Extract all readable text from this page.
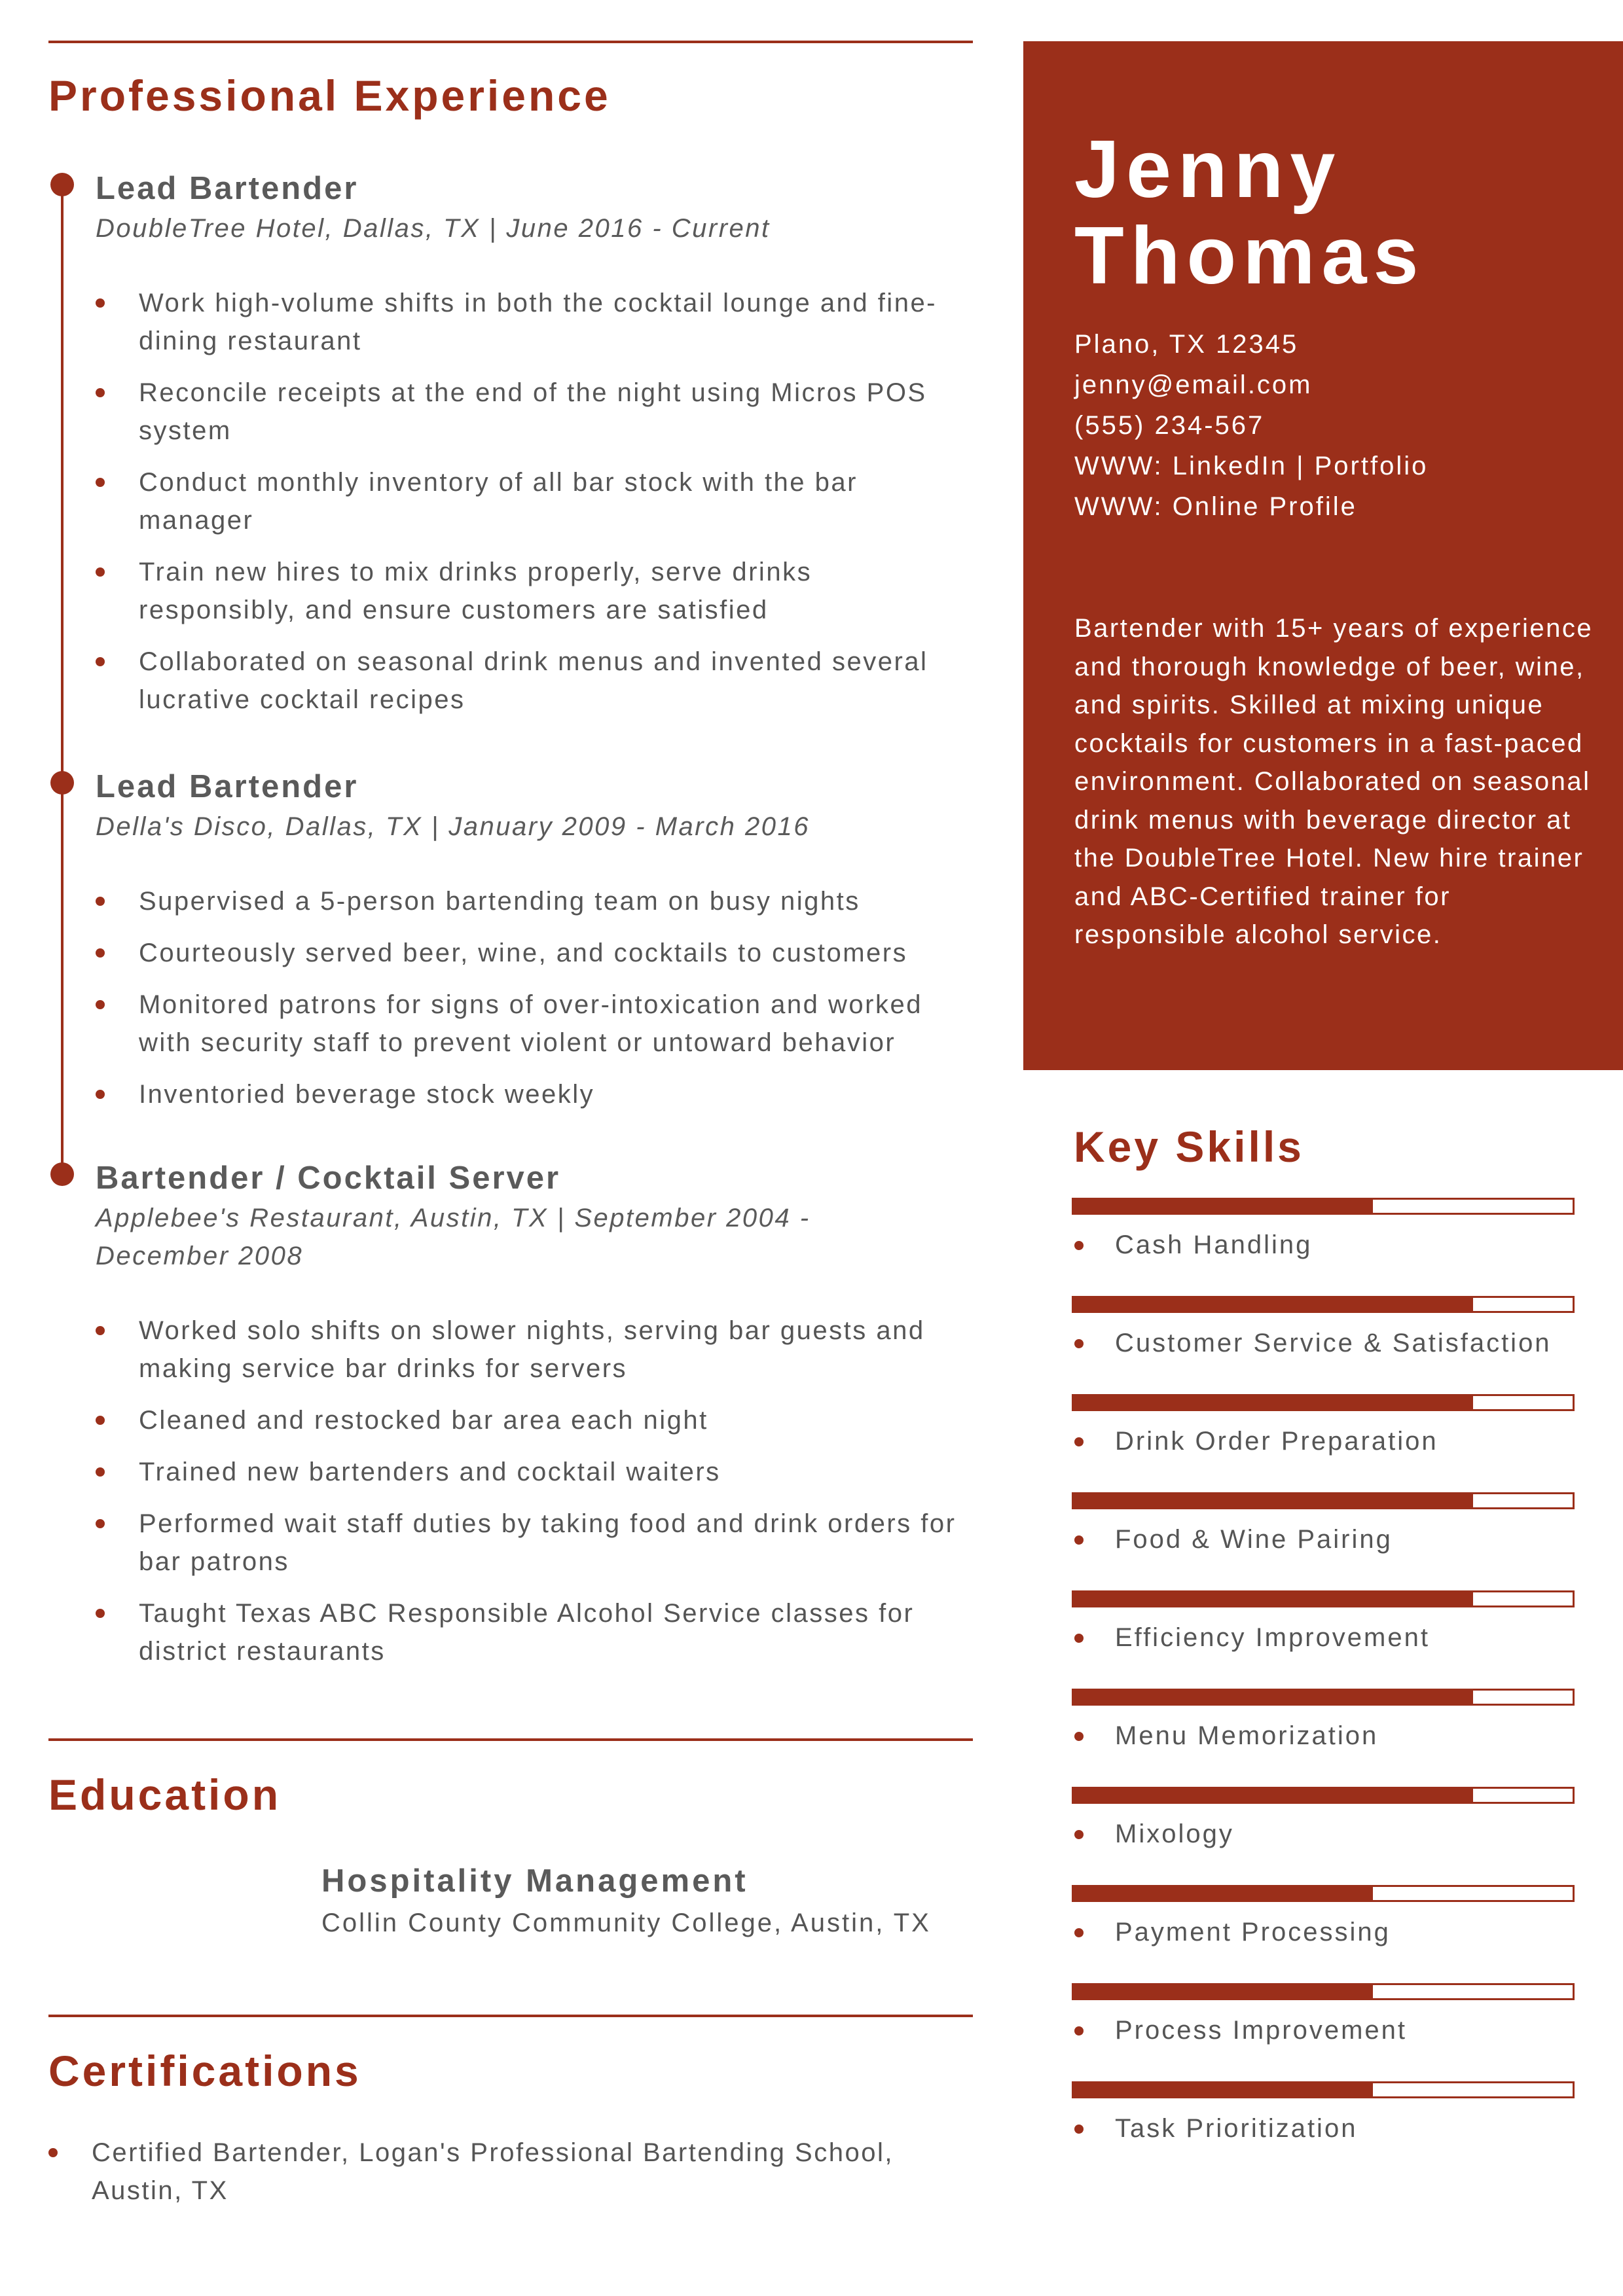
Professional Experience
Lead Bartender
DoubleTree Hotel, Dallas, TX | June 2016 - Current
Work high-volume shifts in both the cocktail lounge and fine-dining restaurant
Reconcile receipts at the end of the night using Micros POS system
Conduct monthly inventory of all bar stock with the bar manager
Train new hires to mix drinks properly, serve drinks responsibly, and ensure customers are satisfied
Collaborated on seasonal drink menus and invented several lucrative cocktail recipes
Lead Bartender
Della's Disco, Dallas, TX | January 2009 - March 2016
Supervised a 5-person bartending team on busy nights
Courteously served beer, wine, and cocktails to customers
Monitored patrons for signs of over-intoxication and worked with security staff to prevent violent or untoward behavior
Inventoried beverage stock weekly
Bartender / Cocktail Server
Applebee's Restaurant, Austin, TX | September 2004 - December 2008
Worked solo shifts on slower nights, serving bar guests and making service bar drinks for servers
Cleaned and restocked bar area each night
Trained new bartenders and cocktail waiters
Performed wait staff duties by taking food and drink orders for bar patrons
Taught Texas ABC Responsible Alcohol Service classes for district restaurants
Education
Hospitality Management
Collin County Community College, Austin, TX
Certifications
Certified Bartender, Logan's Professional Bartending School, Austin, TX
Jenny
Thomas
Plano, TX 12345
jenny@email.com
(555) 234-567
WWW: LinkedIn | Portfolio
WWW: Online Profile
Bartender with 15+ years of experience and thorough knowledge of beer, wine, and spirits. Skilled at mixing unique cocktails for customers in a fast-paced environment. Collaborated on seasonal drink menus with beverage director at the DoubleTree Hotel. New hire trainer and ABC-Certified trainer for responsible alcohol service.
Key Skills
Cash Handling
Customer Service & Satisfaction
Drink Order Preparation
Food & Wine Pairing
Efficiency Improvement
Menu Memorization
Mixology
Payment Processing
Process Improvement
Task Prioritization
